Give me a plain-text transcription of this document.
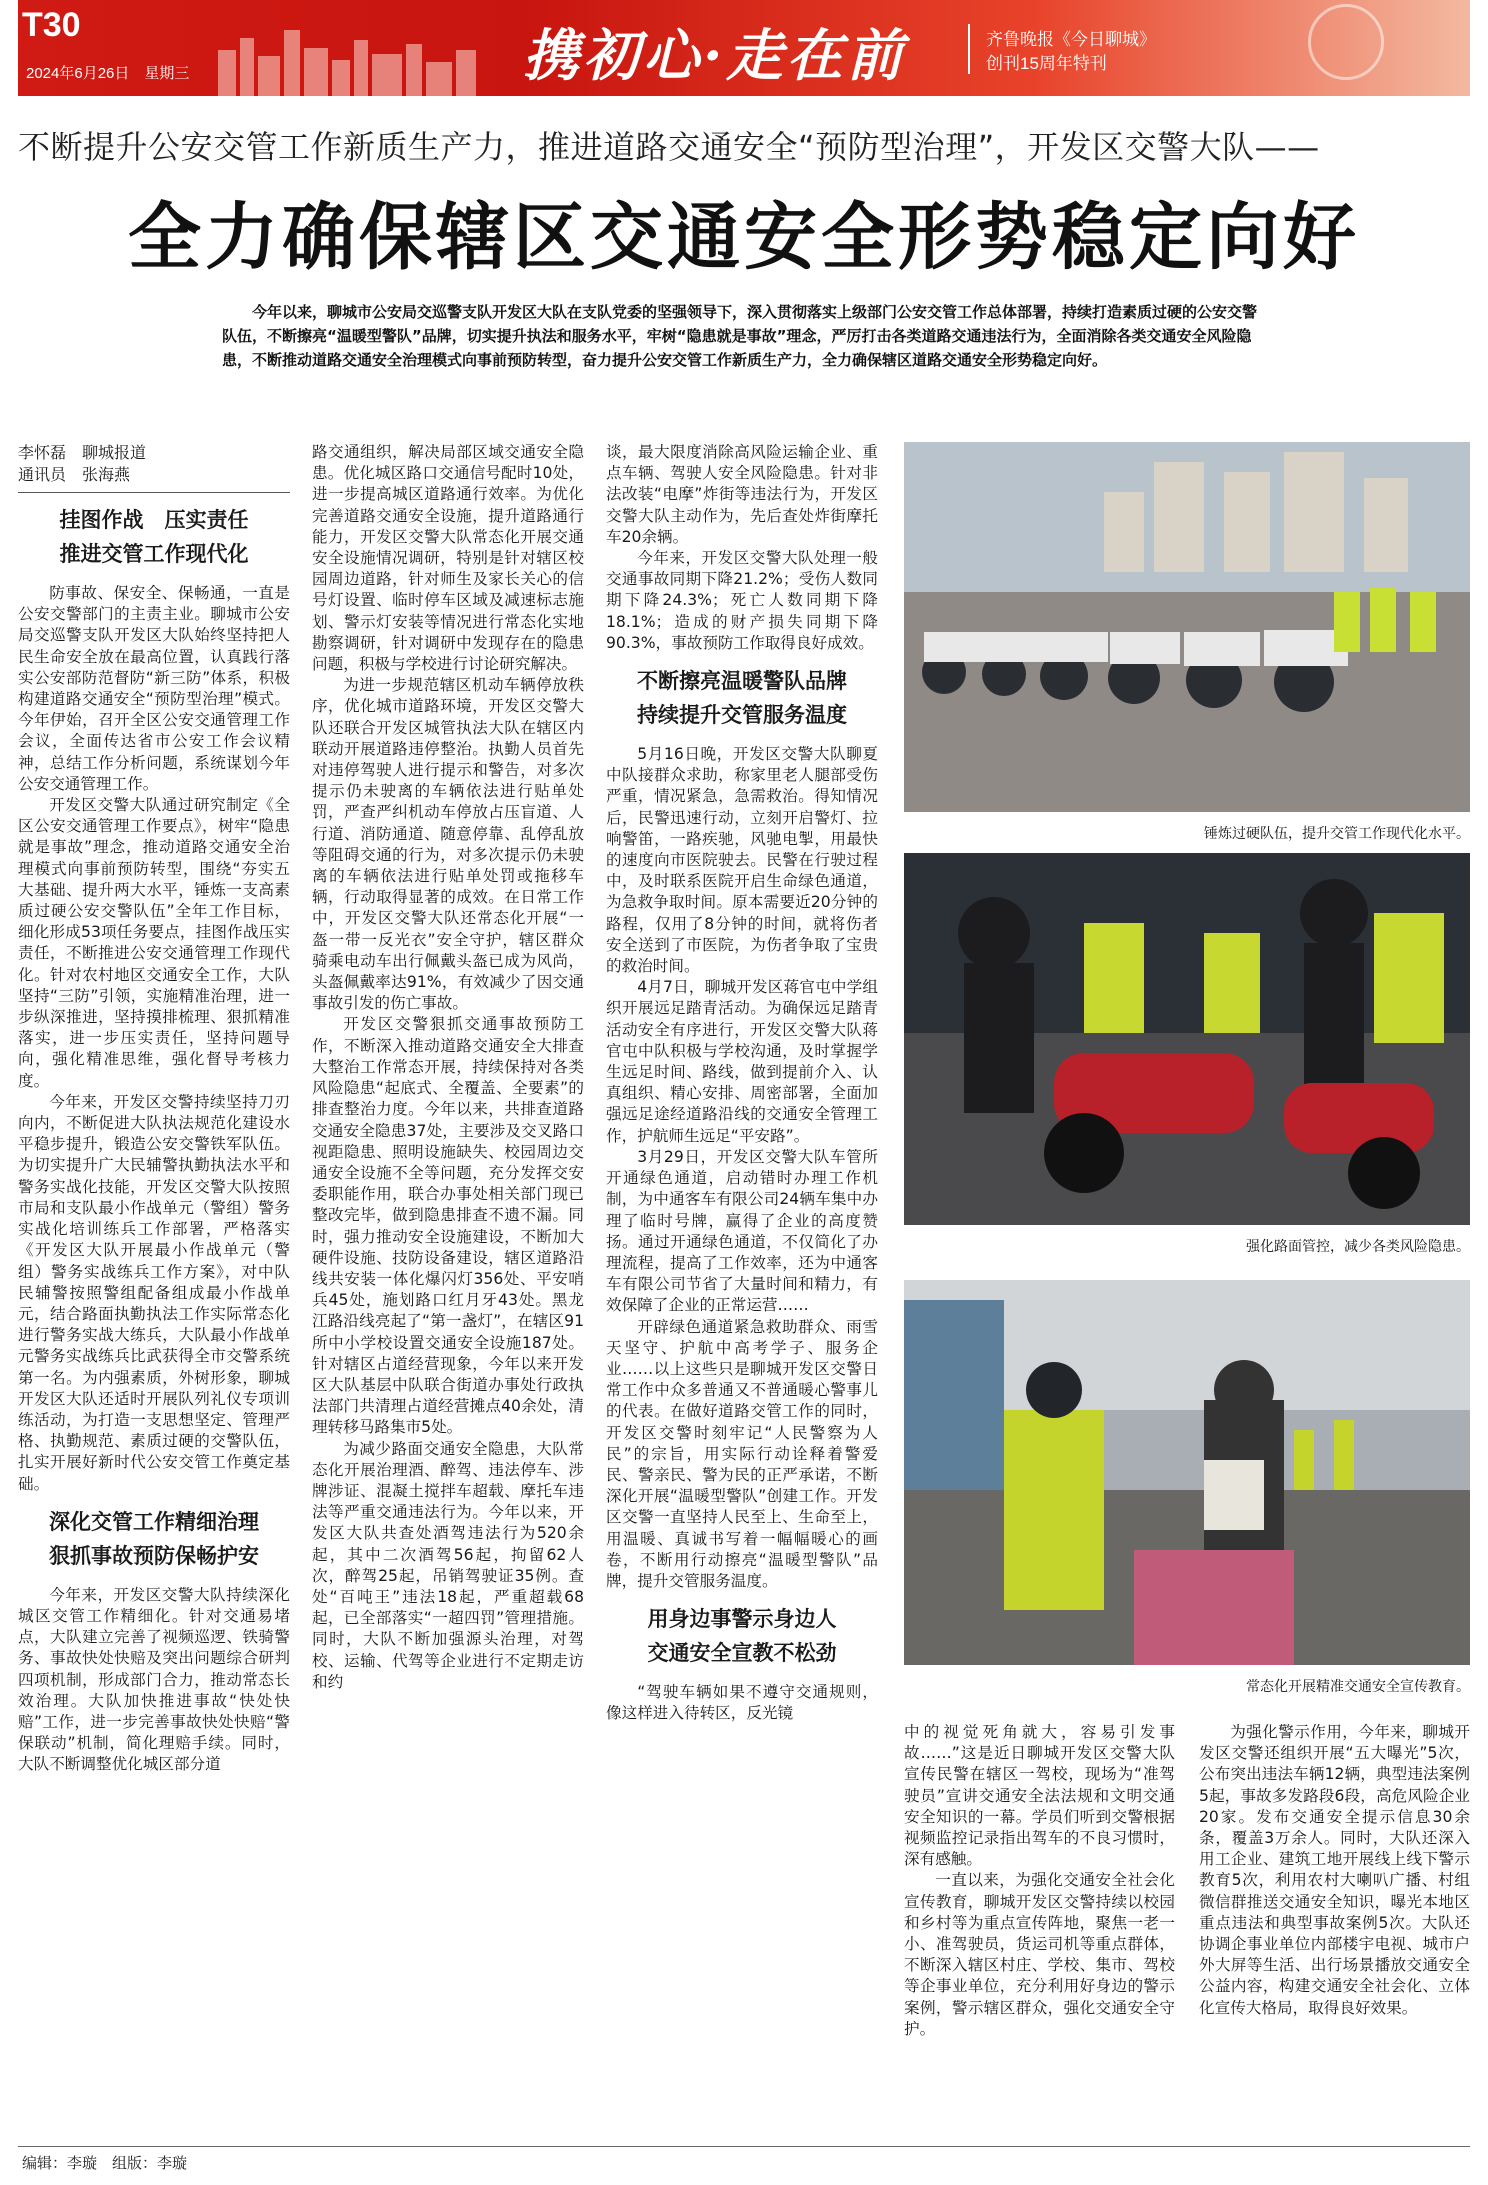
T30
2024年6月26日　星期三	携初心·走在前	齐鲁晚报《今日聊城》
创刊15周年特刊
不断提升公安交管工作新质生产力，推进道路交通安全“预防型治理”，开发区交警大队——
全力确保辖区交通安全形势稳定向好
今年以来，聊城市公安局交巡警支队开发区大队在支队党委的坚强领导下，深入贯彻落实上级部门公安交管工作总体部署，持续打造素质过硬的公安交警队伍，不断擦亮“温暖型警队”品牌，切实提升执法和服务水平，牢树“隐患就是事故”理念，严厉打击各类道路交通违法行为，全面消除各类交通安全风险隐患，不断推动道路交通安全治理模式向事前预防转型，奋力提升公安交管工作新质生产力，全力确保辖区道路交通安全形势稳定向好。
李怀磊　聊城报道
通讯员　张海燕
挂图作战　压实责任
推进交管工作现代化

防事故、保安全、保畅通，一直是公安交警部门的主责主业。聊城市公安局交巡警支队开发区大队始终坚持把人民生命安全放在最高位置，认真践行落实公安部防范督防“新三防”体系，积极构建道路交通安全“预防型治理”模式。今年伊始，召开全区公安交通管理工作会议，全面传达省市公安工作会议精神，总结工作分析问题，系统谋划今年公安交通管理工作。

开发区交警大队通过研究制定《全区公安交通管理工作要点》，树牢“隐患就是事故”理念，推动道路交通安全治理模式向事前预防转型，围绕“夯实五大基础、提升两大水平，锤炼一支高素质过硬公安交警队伍”全年工作目标，细化形成53项任务要点，挂图作战压实责任，不断推进公安交通管理工作现代化。针对农村地区交通安全工作，大队坚持“三防”引领，实施精准治理，进一步纵深推进，坚持摸排梳理、狠抓精准落实，进一步压实责任，坚持问题导向，强化精准思维，强化督导考核力度。

今年来，开发区交警持续坚持刀刃向内，不断促进大队执法规范化建设水平稳步提升，锻造公安交警铁军队伍。为切实提升广大民辅警执勤执法水平和警务实战化技能，开发区交警大队按照市局和支队最小作战单元（警组）警务实战化培训练兵工作部署，严格落实《开发区大队开展最小作战单元（警组）警务实战练兵工作方案》，对中队民辅警按照警组配备组成最小作战单元，结合路面执勤执法工作实际常态化进行警务实战大练兵，大队最小作战单元警务实战练兵比武获得全市交警系统第一名。为内强素质，外树形象，聊城开发区大队还适时开展队列礼仪专项训练活动，为打造一支思想坚定、管理严格、执勤规范、素质过硬的交警队伍，扎实开展好新时代公安交管工作奠定基础。

深化交管工作精细治理
狠抓事故预防保畅护安

今年来，开发区交警大队持续深化城区交管工作精细化。针对交通易堵点，大队建立完善了视频巡逻、铁骑警务、事故快处快赔及突出问题综合研判四项机制，形成部门合力，推动常态长效治理。大队加快推进事故“快处快赔”工作，进一步完善事故快处快赔“警保联动”机制，简化理赔手续。同时，大队不断调整优化城区部分道

路交通组织，解决局部区域交通安全隐患。优化城区路口交通信号配时10处，进一步提高城区道路通行效率。为优化完善道路交通安全设施，提升道路通行能力，开发区交警大队常态化开展交通安全设施情况调研，特别是针对辖区校园周边道路，针对师生及家长关心的信号灯设置、临时停车区域及减速标志施划、警示灯安装等情况进行常态化实地勘察调研，针对调研中发现存在的隐患问题，积极与学校进行讨论研究解决。

为进一步规范辖区机动车辆停放秩序，优化城市道路环境，开发区交警大队还联合开发区城管执法大队在辖区内联动开展道路违停整治。执勤人员首先对违停驾驶人进行提示和警告，对多次提示仍未驶离的车辆依法进行贴单处罚，严查严纠机动车停放占压盲道、人行道、消防通道、随意停靠、乱停乱放等阻碍交通的行为，对多次提示仍未驶离的车辆依法进行贴单处罚或拖移车辆，行动取得显著的成效。在日常工作中，开发区交警大队还常态化开展“一盔一带一反光衣”安全守护，辖区群众骑乘电动车出行佩戴头盔已成为风尚，头盔佩戴率达91%，有效减少了因交通事故引发的伤亡事故。

开发区交警狠抓交通事故预防工作，不断深入推动道路交通安全大排查大整治工作常态开展，持续保持对各类风险隐患“起底式、全覆盖、全要素”的排查整治力度。今年以来，共排查道路交通安全隐患37处，主要涉及交叉路口视距隐患、照明设施缺失、校园周边交通安全设施不全等问题，充分发挥交安委职能作用，联合办事处相关部门现已整改完毕，做到隐患排查不遗不漏。同时，强力推动安全设施建设，不断加大硬件设施、技防设备建设，辖区道路沿线共安装一体化爆闪灯356处、平安哨兵45处，施划路口红月牙43处。黑龙江路沿线亮起了“第一盏灯”，在辖区91所中小学校设置交通安全设施187处。针对辖区占道经营现象，今年以来开发区大队基层中队联合街道办事处行政执法部门共清理占道经营摊点40余处，清理转移马路集市5处。

为减少路面交通安全隐患，大队常态化开展治理酒、醉驾、违法停车、涉牌涉证、混凝土搅拌车超载、摩托车违法等严重交通违法行为。今年以来，开发区大队共查处酒驾违法行为520余起，其中二次酒驾56起，拘留62人次，醉驾25起，吊销驾驶证35例。查处“百吨王”违法18起，严重超载68起，已全部落实“一超四罚”管理措施。同时，大队不断加强源头治理，对驾校、运输、代驾等企业进行不定期走访和约

谈，最大限度消除高风险运输企业、重点车辆、驾驶人安全风险隐患。针对非法改装“电摩”炸街等违法行为，开发区交警大队主动作为，先后查处炸街摩托车20余辆。

今年来，开发区交警大队处理一般交通事故同期下降21.2%；受伤人数同期下降24.3%；死亡人数同期下降18.1%；造成的财产损失同期下降90.3%，事故预防工作取得良好成效。

不断擦亮温暖警队品牌
持续提升交管服务温度

5月16日晚，开发区交警大队聊夏中队接群众求助，称家里老人腿部受伤严重，情况紧急，急需救治。得知情况后，民警迅速行动，立刻开启警灯、拉响警笛，一路疾驰，风驰电掣，用最快的速度向市医院驶去。民警在行驶过程中，及时联系医院开启生命绿色通道，为急救争取时间。原本需要近20分钟的路程，仅用了8分钟的时间，就将伤者安全送到了市医院，为伤者争取了宝贵的救治时间。

4月7日，聊城开发区蒋官屯中学组织开展远足踏青活动。为确保远足踏青活动安全有序进行，开发区交警大队蒋官屯中队积极与学校沟通，及时掌握学生远足时间、路线，做到提前介入、认真组织、精心安排、周密部署，全面加强远足途经道路沿线的交通安全管理工作，护航师生远足“平安路”。

3月29日，开发区交警大队车管所开通绿色通道，启动错时办理工作机制，为中通客车有限公司24辆车集中办理了临时号牌，赢得了企业的高度赞扬。通过开通绿色通道，不仅简化了办理流程，提高了工作效率，还为中通客车有限公司节省了大量时间和精力，有效保障了企业的正常运营……

开辟绿色通道紧急救助群众、雨雪天坚守、护航中高考学子、服务企业……以上这些只是聊城开发区交警日常工作中众多普通又不普通暖心警事儿的代表。在做好道路交管工作的同时，开发区交警时刻牢记“人民警察为人民”的宗旨，用实际行动诠释着警爱民、警亲民、警为民的正严承诺，不断深化开展“温暖型警队”创建工作。开发区交警一直坚持人民至上、生命至上，用温暖、真诚书写着一幅幅暖心的画卷，不断用行动擦亮“温暖型警队”品牌，提升交管服务温度。

用身边事警示身边人
交通安全宣教不松劲

“驾驶车辆如果不遵守交通规则，像这样进入待转区，反光镜

锤炼过硬队伍，提升交管工作现代化水平。
强化路面管控，减少各类风险隐患。
常态化开展精准交通安全宣传教育。

中的视觉死角就大，容易引发事故……”这是近日聊城开发区交警大队宣传民警在辖区一驾校，现场为“准驾驶员”宣讲交通安全法法规和文明交通安全知识的一幕。学员们听到交警根据视频监控记录指出驾车的不良习惯时，深有感触。

一直以来，为强化交通安全社会化宣传教育，聊城开发区交警持续以校园和乡村等为重点宣传阵地，聚焦一老一小、准驾驶员，货运司机等重点群体，不断深入辖区村庄、学校、集市、驾校等企事业单位，充分利用好身边的警示案例，警示辖区群众，强化交通安全守护。

为强化警示作用，今年来，聊城开发区交警还组织开展“五大曝光”5次，公布突出违法车辆12辆，典型违法案例5起，事故多发路段6段，高危风险企业20家。发布交通安全提示信息30余条，覆盖3万余人。同时，大队还深入用工企业、建筑工地开展线上线下警示教育5次，利用农村大喇叭广播、村组微信群推送交通安全知识，曝光本地区重点违法和典型事故案例5次。大队还协调企事业单位内部楼宇电视、城市户外大屏等生活、出行场景播放交通安全公益内容，构建交通安全社会化、立体化宣传大格局，取得良好效果。

编辑：李璇　组版：李璇
